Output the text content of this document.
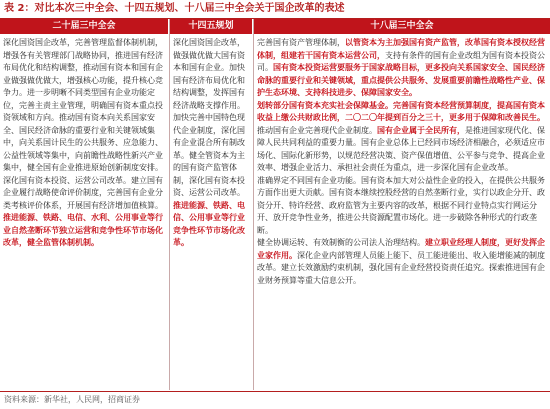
表 2：对比本次三中全会、十四五规划、十八届三中全会关于国企改革的表述
二十届三中全会	十四五规划	十八届三中全会

深化国资国企改革，完善管理监督体制机制，增强各有关管理部门战略协同，推进国有经济布局优化和结构调整，推动国有资本和国有企业做强做优做大，增强核心功能，提升核心竞争力。进一步明晰不同类型国有企业功能定位，完善主责主业管理，明确国有资本重点投资领域和方向。推动国有资本向关系国家安全、国民经济命脉的重要行业和关键领域集中，向关系国计民生的公共服务、应急能力、公益性领域等集中，向前瞻性战略性新兴产业集中，健全国有企业推进原始创新制度安排。深化国有资本投资、运营公司改革。建立国有企业履行战略使命评价制度，完善国有企业分类考核评价体系，开展国有经济增加值核算。推进能源、铁路、电信、水利、公用事业等行业自然垄断环节独立运营和竞争性环节市场化改革，健全监管体制机制。

深化国资国企改革，做强做优做大国有资本和国有企业。加快国有经济布局优化和结构调整，发挥国有经济战略支撑作用。加快完善中国特色现代企业制度，深化国有企业混合所有制改革。健全管资本为主的国有资产监管体制，深化国有资本投资、运营公司改革。推进能源、铁路、电信、公用事业等行业竞争性环节市场化改革。

完善国有资产管理体制，以管资本为主加强国有资产监管，改革国有资本授权经营体制，组建若干国有资本运营公司，支持有条件的国有企业改组为国有资本投资公司。国有资本投资运营要服务于国家战略目标，更多投向关系国家安全、国民经济命脉的重要行业和关键领域，重点提供公共服务、发展重要前瞻性战略性产业、保护生态环境、支持科技进步、保障国家安全。

划转部分国有资本充实社会保障基金。完善国有资本经营预算制度，提高国有资本收益上缴公共财政比例，二〇二〇年提到百分之三十，更多用于保障和改善民生。

推动国有企业完善现代企业制度。国有企业属于全民所有，是推进国家现代化、保障人民共同利益的重要力量。国有企业总体上已经同市场经济相融合，必须适应市场化、国际化新形势，以规范经营决策、资产保值增值、公平参与竞争、提高企业效率、增强企业活力、承担社会责任为重点，进一步深化国有企业改革。

准确界定不同国有企业功能。国有资本加大对公益性企业的投入，在提供公共服务方面作出更大贡献。国有资本继续控股经营的自然垄断行业，实行以政企分开、政资分开、特许经营、政府监管为主要内容的改革，根据不同行业特点实行网运分开、放开竞争性业务，推进公共资源配置市场化。进一步破除各种形式的行政垄断。

健全协调运转、有效制衡的公司法人治理结构。建立职业经理人制度，更好发挥企业家作用。深化企业内部管理人员能上能下、员工能进能出、收入能增能减的制度改革。建立长效激励约束机制，强化国有企业经营投资责任追究。探索推进国有企业财务预算等重大信息公开。

资料来源：新华社，人民网，招商证券
